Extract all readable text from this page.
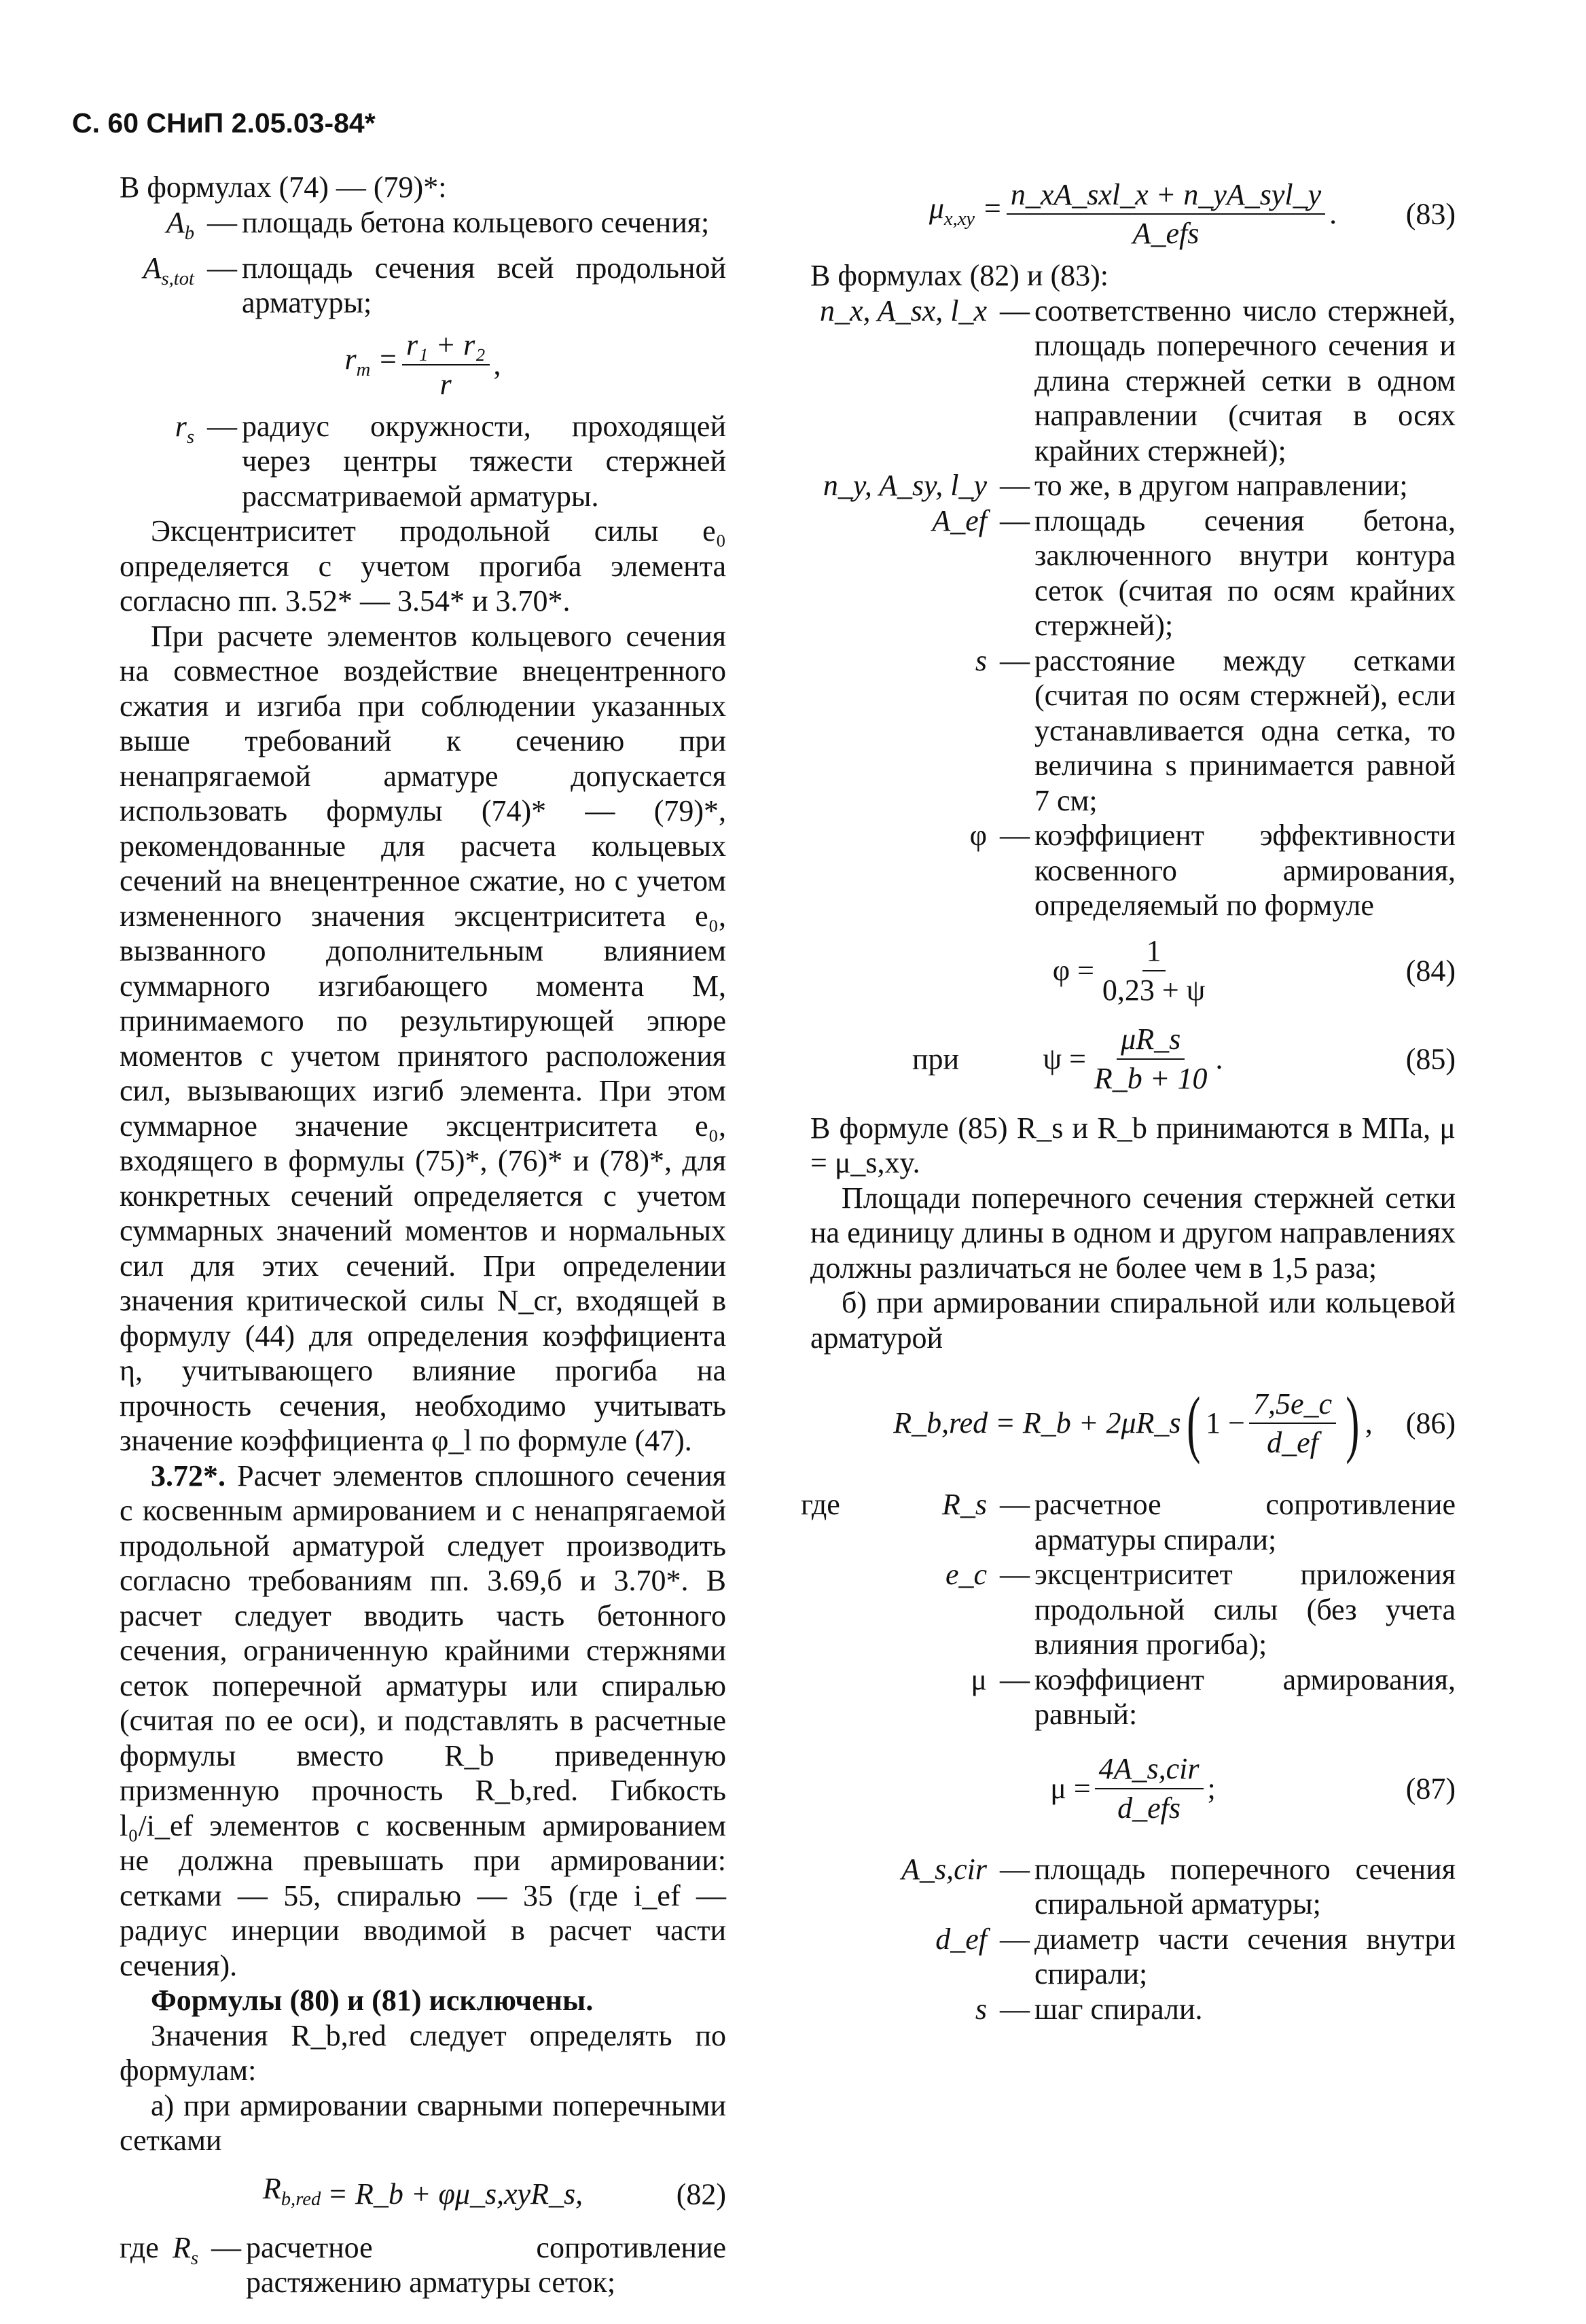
С. 60 СНиП 2.05.03-84*

В формулах (74) — (79)*:

$A_b$ — площадь бетона кольцевого сечения;
$A_{s,tot}$ — площадь сечения всей продольной арматуры;
$r_m = \frac{\text{r₁ + r₂}}{r}$ ,
$r_s$ — радиус окружности, проходящей через центры тяжести стержней рассматриваемой арматуры.

Эксцентриситет продольной силы e₀ определяется с учетом прогиба элемента согласно пп. 3.52* — 3.54* и 3.70*.

При расчете элементов кольцевого сечения на совместное воздействие внецентренного сжатия и изгиба при соблюдении указанных выше требований к сечению при ненапрягаемой арматуре допускается использовать формулы (74)* — (79)*, рекомендованные для расчета кольцевых сечений на внецентренное сжатие, но с учетом измененного значения эксцентриситета e₀, вызванного дополнительным влиянием суммарного изгибающего момента M, принимаемого по результирующей эпюре моментов с учетом принятого расположения сил, вызывающих изгиб элемента. При этом суммарное значение эксцентриситета e₀, входящего в формулы (75)*, (76)* и (78)*, для конкретных сечений определяется с учетом суммарных значений моментов и нормальных сил для этих сечений. При определении значения критической силы N_cr, входящей в формулу (44) для определения коэффициента η, учитывающего влияние прогиба на прочность сечения, необходимо учитывать значение коэффициента φ_l по формуле (47).

3.72*. Расчет элементов сплошного сечения с косвенным армированием и с ненапрягаемой продольной арматурой следует производить согласно требованиям пп. 3.69,б и 3.70*. В расчет следует вводить часть бетонного сечения, ограниченную крайними стержнями сеток поперечной арматуры или спиралью (считая по ее оси), и подставлять в расчетные формулы вместо R_b приведенную призменную прочность R_b,red. Гибкость l₀/i_ef элементов с косвенным армированием не должна превышать при армировании: сетками — 55, спиралью — 35 (где i_ef — радиус инерции вводимой в расчет части сечения).

Формулы (80) и (81) исключены.

Значения R_b,red следует определять по формулам:

а) при армировании сварными поперечными сетками

$R_{b,red}$ = R_b + φμ_s,xyR_s,	(82)
где $R_s$ — расчетное сопротивление растяжению арматуры сеток;
$\mu_{x,xy} = \frac{\text{n\_xA\_sxl\_x + n\_yA\_syl\_y}}{\text{A\_efs}}$ . (83)

В формулах (82) и (83):

n_x, A_sx, l_x — соответственно число стержней, площадь поперечного сечения и длина стержней сетки в одном направлении (считая в осях крайних стержней);
n_y, A_sy, l_y — то же, в другом направлении;
A_ef — площадь сечения бетона, заключенного внутри контура сеток (считая по осям крайних стержней);
s — расстояние между сетками (считая по осям стержней), если устанавливается одна сетка, то величина s принимается равной 7 см;
φ — коэффициент эффективности косвенного армирования, определяемый по формуле
$\varphi = \frac{1}{0,23 + \psi}$	(84)
при	$\psi = \frac{\mu R\_s}{R\_b + 10}$ .	(85)

В формуле (85) R_s и R_b принимаются в МПа, μ = μ_s,xy.

Площади поперечного сечения стержней сетки на единицу длины в одном и другом направлениях должны различаться не более чем в 1,5 раза;

б) при армировании спиральной или кольцевой арматурой

R_b,red = R_b + 2μR_s ( $1 - \frac{7,5e\_c}{d\_ef}$ ) , (86)
где	R_s — расчетное сопротивление арматуры спирали;
e_c — эксцентриситет приложения продольной силы (без учета влияния прогиба);
μ — коэффициент армирования, равный:
$\mu = \frac{\text{4A\_s,cir}}{\text{d\_efs}}$ ;	(87)
A_s,cir — площадь поперечного сечения спиральной арматуры;
d_ef — диаметр части сечения внутри спирали;
s — шаг спирали.
